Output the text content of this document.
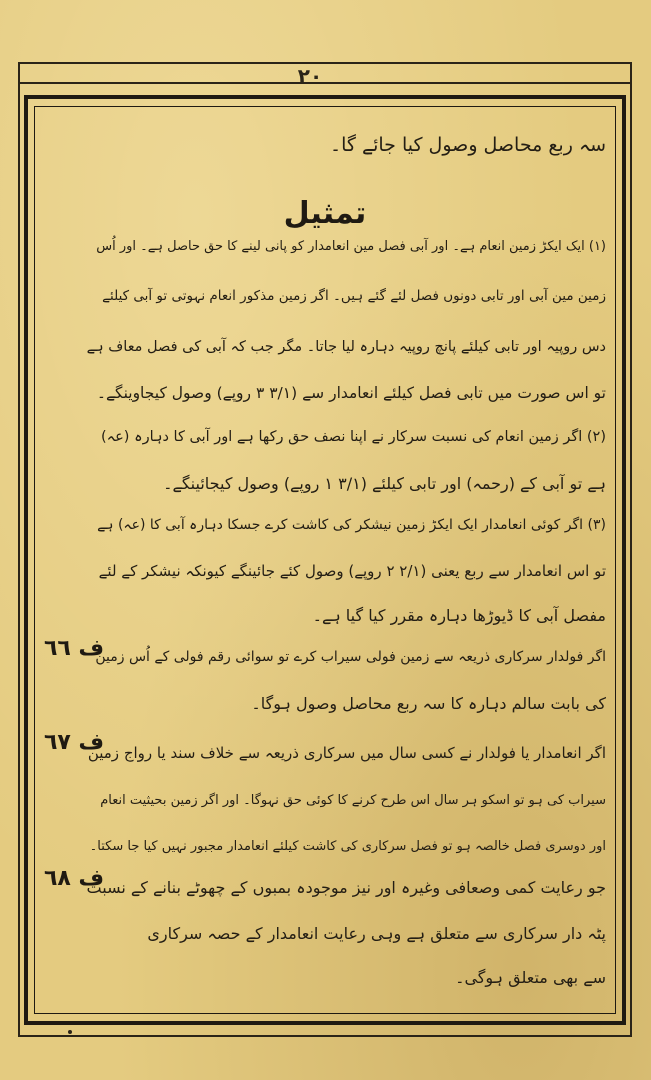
٢٠
سہ ربع محاصل وصول کیا جائے گا۔
تمثیل
(١) ایک ایکڑ زمین انعام ہے۔ اور آبی فصل مین انعامدار کو پانی لینے کا حق حاصل ہے۔ اور اُس
زمین مین آبی اور تابی دونوں فصل لئے گئے ہیں۔ اگر زمین مذکور انعام نہوتی تو آبی کیلئے
دس روپیہ اور تابی کیلئے پانچ روپیہ دہارہ لیا جاتا۔ مگر جب کہ آبی کی فصل معاف ہے
تو اس صورت میں تابی فصل کیلئے انعامدار سے (۳/۱ ۳ روپے) وصول کیجاوینگے۔
(٢) اگر زمین انعام کی نسبت سرکار نے اپنا نصف حق رکھا ہے اور آبی کا دہارہ (عہ)
ہے تو آبی کے (رحمہ) اور تابی کیلئے (۳/۱ ١ روپے) وصول کیجائینگے۔
(٣) اگر کوئی انعامدار ایک ایکڑ زمین نیشکر کی کاشت کرے جسکا دہارہ آبی کا (عہ) ہے
تو اس انعامدار سے ربع یعنی (۲/۱ ٢ روپے) وصول کئے جائینگے کیونکہ نیشکر کے لئے
مفصل آبی کا ڈیوڑھا دہارہ مقرر کیا گیا ہے۔
ف ٦٦
اگر فولدار سرکاری ذریعہ سے زمین فولی سیراب کرے تو سوائی رقم فولی کے اُس زمین
کی بابت سالم دہارہ کا سہ ربع محاصل وصول ہوگا۔
ف ٦٧
اگر انعامدار یا فولدار نے کسی سال میں سرکاری ذریعہ سے خلاف سند یا رواج زمین
سیراب کی ہو تو اسکو ہر سال اس طرح کرنے کا کوئی حق نہوگا۔ اور اگر زمین بحیثیت انعام
اور دوسری فصل خالصہ ہو تو فصل سرکاری کی کاشت کیلئے انعامدار مجبور نہیں کیا جا سکتا۔
ف ٦٨
جو رعایت کمی وصعافی وغیرہ اور نیز موجودہ بمبوں کے چھوٹے بنانے کے نسبت
پٹہ دار سرکاری سے متعلق ہے وہی رعایت انعامدار کے حصہ سرکاری
سے بھی متعلق ہوگی۔
